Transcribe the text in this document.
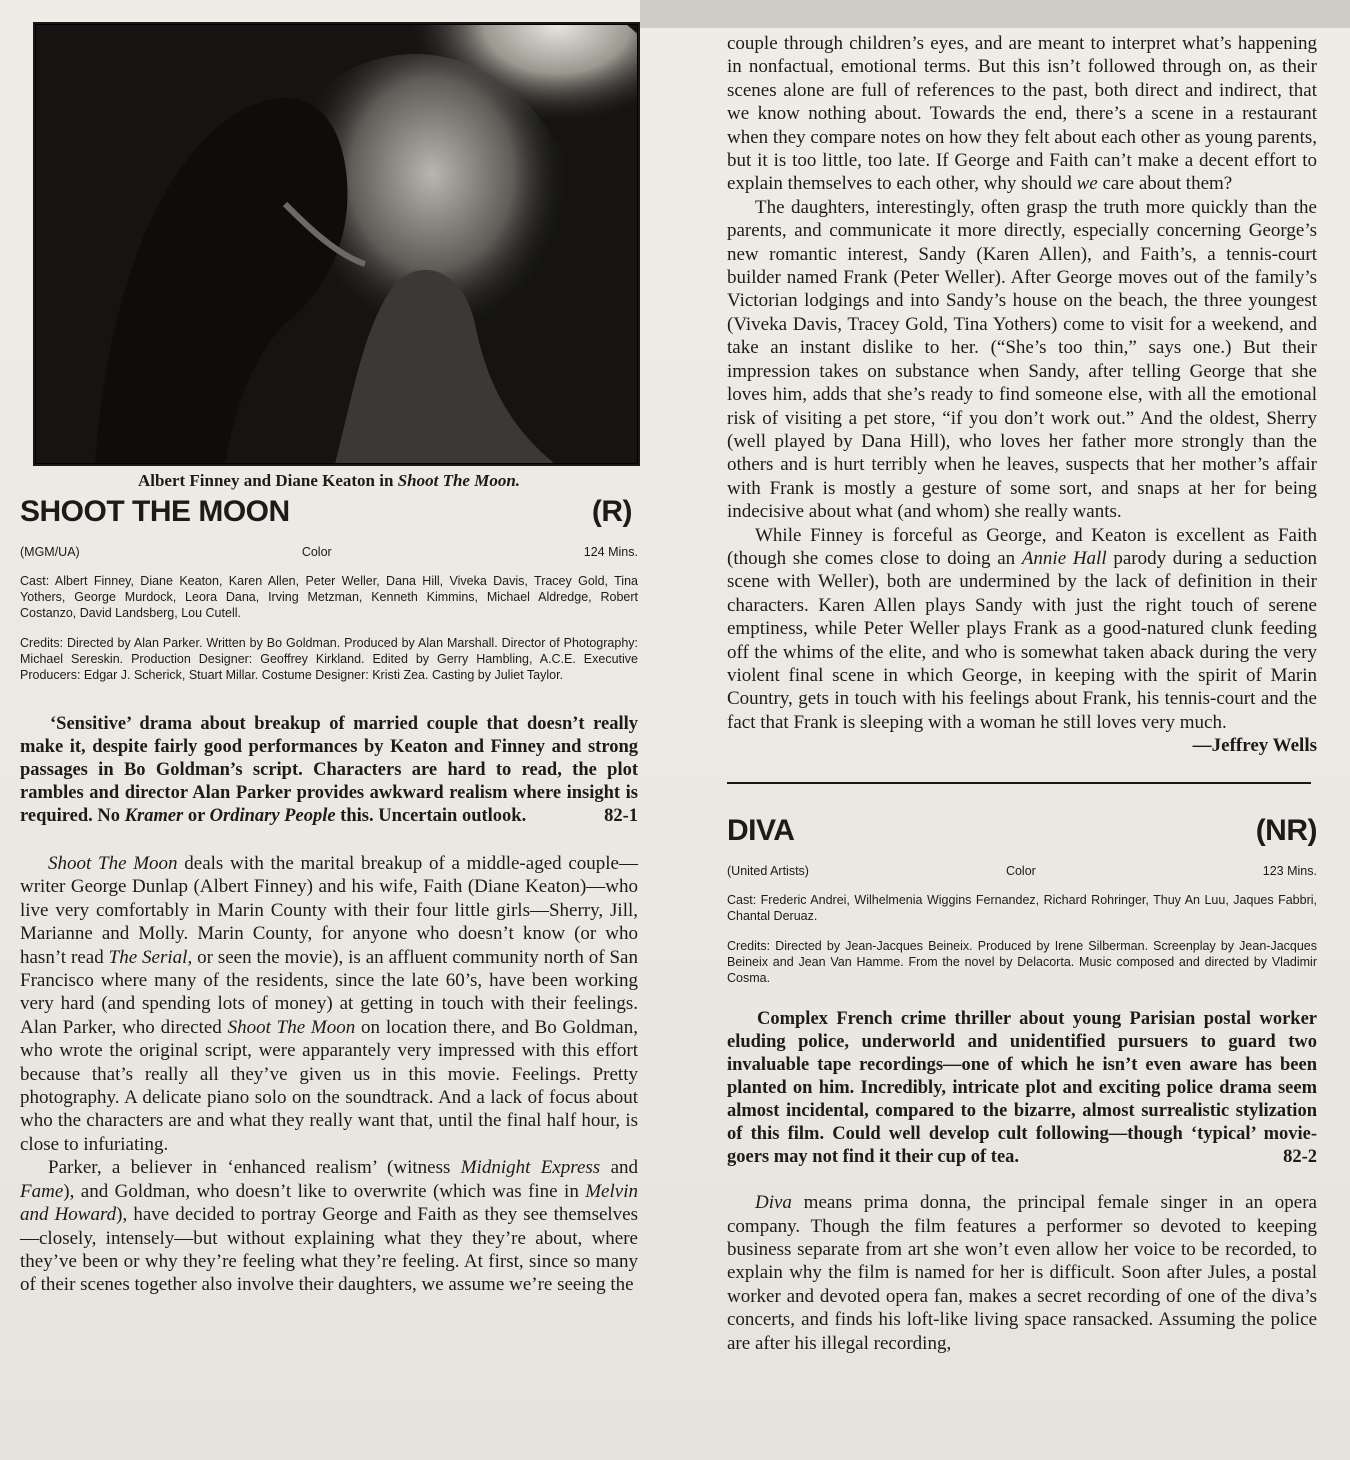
Albert Finney and Diane Keaton in Shoot The Moon.
SHOOT THE MOON	(R)
(MGM/UA)	Color	124 Mins.
Cast: Albert Finney, Diane Keaton, Karen Allen, Peter Weller, Dana Hill, Viveka Davis, Tracey Gold, Tina Yothers, George Murdock, Leora Dana, Irving Metzman, Kenneth Kimmins, Michael Aldredge, Robert Costanzo, David Landsberg, Lou Cutell.
Credits: Directed by Alan Parker. Written by Bo Goldman. Produced by Alan Marshall. Director of Photography: Michael Sereskin. Production Designer: Geoffrey Kirkland. Edited by Gerry Hambling, A.C.E. Executive Producers: Edgar J. Scherick, Stuart Millar. Costume Designer: Kristi Zea. Casting by Juliet Taylor.
‘Sensitive’ drama about breakup of married couple that doesn’t really make it, despite fairly good performances by Keaton and Finney and strong passages in Bo Goldman’s script. Characters are hard to read, the plot rambles and director Alan Parker provides awkward realism where insight is required. No Kramer or Ordinary People this. Uncertain outlook.	82-1

Shoot The Moon deals with the marital breakup of a middle-aged couple—writer George Dunlap (Albert Finney) and his wife, Faith (Diane Keaton)—who live very comfortably in Marin County with their four little girls—Sherry, Jill, Marianne and Molly. Marin County, for anyone who doesn’t know (or who hasn’t read The Serial, or seen the movie), is an affluent community north of San Francisco where many of the residents, since the late 60’s, have been working very hard (and spending lots of money) at getting in touch with their feelings. Alan Parker, who directed Shoot The Moon on location there, and Bo Goldman, who wrote the original script, were apparantely very impressed with this effort because that’s really all they’ve given us in this movie. Feelings. Pretty photography. A delicate piano solo on the soundtrack. And a lack of focus about who the characters are and what they really want that, until the final half hour, is close to infuriating.

Parker, a believer in ‘enhanced realism’ (witness Midnight Express and Fame), and Goldman, who doesn’t like to overwrite (which was fine in Melvin and Howard), have decided to portray George and Faith as they see themselves—closely, intensely—but without explaining what they they’re about, where they’ve been or why they’re feeling what they’re feeling. At first, since so many of their scenes together also involve their daughters, we assume we’re seeing the

couple through children’s eyes, and are meant to interpret what’s happening in nonfactual, emotional terms. But this isn’t followed through on, as their scenes alone are full of references to the past, both direct and indirect, that we know nothing about. Towards the end, there’s a scene in a restaurant when they compare notes on how they felt about each other as young parents, but it is too little, too late. If George and Faith can’t make a decent effort to explain themselves to each other, why should we care about them?

The daughters, interestingly, often grasp the truth more quickly than the parents, and communicate it more directly, especially concerning George’s new romantic interest, Sandy (Karen Allen), and Faith’s, a tennis-court builder named Frank (Peter Weller). After George moves out of the family’s Victorian lodgings and into Sandy’s house on the beach, the three youngest (Viveka Davis, Tracey Gold, Tina Yothers) come to visit for a weekend, and take an instant dislike to her. (“She’s too thin,” says one.) But their impression takes on substance when Sandy, after telling George that she loves him, adds that she’s ready to find someone else, with all the emotional risk of visiting a pet store, “if you don’t work out.” And the oldest, Sherry (well played by Dana Hill), who loves her father more strongly than the others and is hurt terribly when he leaves, suspects that her mother’s affair with Frank is mostly a gesture of some sort, and snaps at her for being indecisive about what (and whom) she really wants.

While Finney is forceful as George, and Keaton is excellent as Faith (though she comes close to doing an Annie Hall parody during a seduction scene with Weller), both are undermined by the lack of definition in their characters. Karen Allen plays Sandy with just the right touch of serene emptiness, while Peter Weller plays Frank as a good-natured clunk feeding off the whims of the elite, and who is somewhat taken aback during the very violent final scene in which George, in keeping with the spirit of Marin Country, gets in touch with his feelings about Frank, his tennis-court and the fact that Frank is sleeping with a woman he still loves very much.
—Jeffrey Wells

DIVA	(NR)
(United Artists)	Color	123 Mins.
Cast: Frederic Andrei, Wilhelmenia Wiggins Fernandez, Richard Rohringer, Thuy An Luu, Jaques Fabbri, Chantal Deruaz.
Credits: Directed by Jean-Jacques Beineix. Produced by Irene Silberman. Screenplay by Jean-Jacques Beineix and Jean Van Hamme. From the novel by Delacorta. Music composed and directed by Vladimir Cosma.
Complex French crime thriller about young Parisian postal worker eluding police, underworld and unidentified pursuers to guard two invaluable tape recordings—one of which he isn’t even aware has been planted on him. Incredibly, intricate plot and exciting police drama seem almost incidental, compared to the bizarre, almost surrealistic stylization of this film. Could well develop cult following—though ‘typical’ movie-goers may not find it their cup of tea.	82-2

Diva means prima donna, the principal female singer in an opera company. Though the film features a performer so devoted to keeping business separate from art she won’t even allow her voice to be recorded, to explain why the film is named for her is difficult. Soon after Jules, a postal worker and devoted opera fan, makes a secret recording of one of the diva’s concerts, and finds his loft-like living space ransacked. Assuming the police are after his illegal recording,
